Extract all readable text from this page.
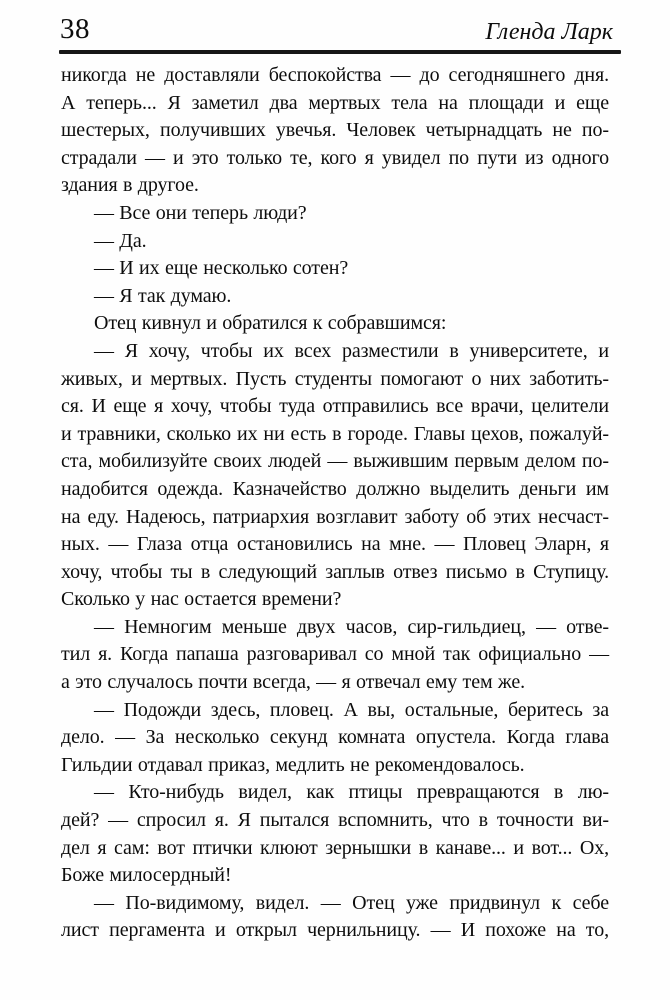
38	Гленда Ларк
никогда не доставляли беспокойства — до сегодняшнего дня.
А теперь... Я заметил два мертвых тела на площади и еще
шестерых, получивших увечья. Человек четырнадцать не по-
страдали — и это только те, кого я увидел по пути из одного
здания в другое.
— Все они теперь люди?
— Да.
— И их еще несколько сотен?
— Я так думаю.
Отец кивнул и обратился к собравшимся:
— Я хочу, чтобы их всех разместили в университете, и
живых, и мертвых. Пусть студенты помогают о них заботить-
ся. И еще я хочу, чтобы туда отправились все врачи, целители
и травники, сколько их ни есть в городе. Главы цехов, пожалуй-
ста, мобилизуйте своих людей — выжившим первым делом по-
надобится одежда. Казначейство должно выделить деньги им
на еду. Надеюсь, патриархия возглавит заботу об этих несчаст-
ных. — Глаза отца остановились на мне. — Пловец Эларн, я
хочу, чтобы ты в следующий заплыв отвез письмо в Ступицу.
Сколько у нас остается времени?
— Немногим меньше двух часов, сир-гильдиец, — отве-
тил я. Когда папаша разговаривал со мной так официально —
а это случалось почти всегда, — я отвечал ему тем же.
— Подожди здесь, пловец. А вы, остальные, беритесь за
дело. — За несколько секунд комната опустела. Когда глава
Гильдии отдавал приказ, медлить не рекомендовалось.
— Кто-нибудь видел, как птицы превращаются в лю-
дей? — спросил я. Я пытался вспомнить, что в точности ви-
дел я сам: вот птички клюют зернышки в канаве... и вот... Ох,
Боже милосердный!
— По-видимому, видел. — Отец уже придвинул к себе
лист пергамента и открыл чернильницу. — И похоже на то,
